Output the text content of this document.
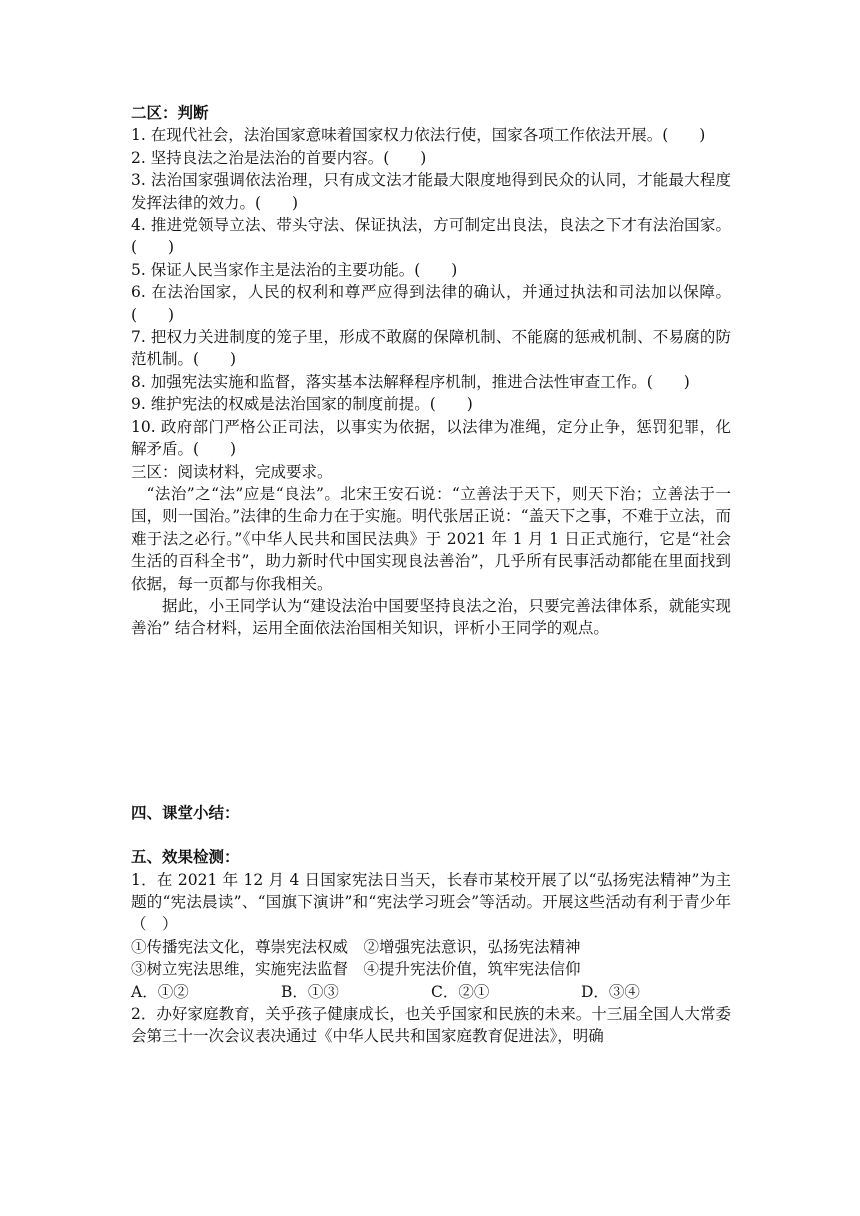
二区：判断

1. 在现代社会，法治国家意味着国家权力依法行使，国家各项工作依法开展。(　　)

2. 坚持良法之治是法治的首要内容。(　　)

3. 法治国家强调依法治理，只有成文法才能最大限度地得到民众的认同，才能最大程度发挥法律的效力。(　　)

4. 推进党领导立法、带头守法、保证执法，方可制定出良法，良法之下才有法治国家。(　　)

5. 保证人民当家作主是法治的主要功能。(　　)

6. 在法治国家，人民的权利和尊严应得到法律的确认，并通过执法和司法加以保障。(　　)

7. 把权力关进制度的笼子里，形成不敢腐的保障机制、不能腐的惩戒机制、不易腐的防范机制。(　　)

8. 加强宪法实施和监督，落实基本法解释程序机制，推进合法性审查工作。(　　)

9. 维护宪法的权威是法治国家的制度前提。(　　)

10. 政府部门严格公正司法，以事实为依据，以法律为准绳，定分止争，惩罚犯罪，化解矛盾。(　　)

三区：阅读材料，完成要求。

“法治”之“法”应是“良法”。北宋王安石说：“立善法于天下，则天下治；立善法于一国，则一国治。”法律的生命力在于实施。明代张居正说：“盖天下之事，不难于立法，而难于法之必行。”《中华人民共和国民法典》于 2021 年 1 月 1 日正式施行，它是“社会生活的百科全书”，助力新时代中国实现良法善治”，几乎所有民事活动都能在里面找到依据，每一页都与你我相关。

据此，小王同学认为“建设法治中国要坚持良法之治，只要完善法律体系，就能实现善治” 结合材料，运用全面依法治国相关知识，评析小王同学的观点。

四、课堂小结：

五、效果检测：

1．在 2021 年 12 月 4 日国家宪法日当天，长春市某校开展了以“弘扬宪法精神”为主题的“宪法晨读”、“国旗下演讲”和“宪法学习班会”等活动。开展这些活动有利于青少年（　）

①传播宪法文化，尊崇宪法权威　②增强宪法意识，弘扬宪法精神

③树立宪法思维，实施宪法监督　④提升宪法价值，筑牢宪法信仰

A．①②	B．①③	C．②①	D．③④

2．办好家庭教育，关乎孩子健康成长，也关乎国家和民族的未来。十三届全国人大常委会第三十一次会议表决通过《中华人民共和国家庭教育促进法》，明确
